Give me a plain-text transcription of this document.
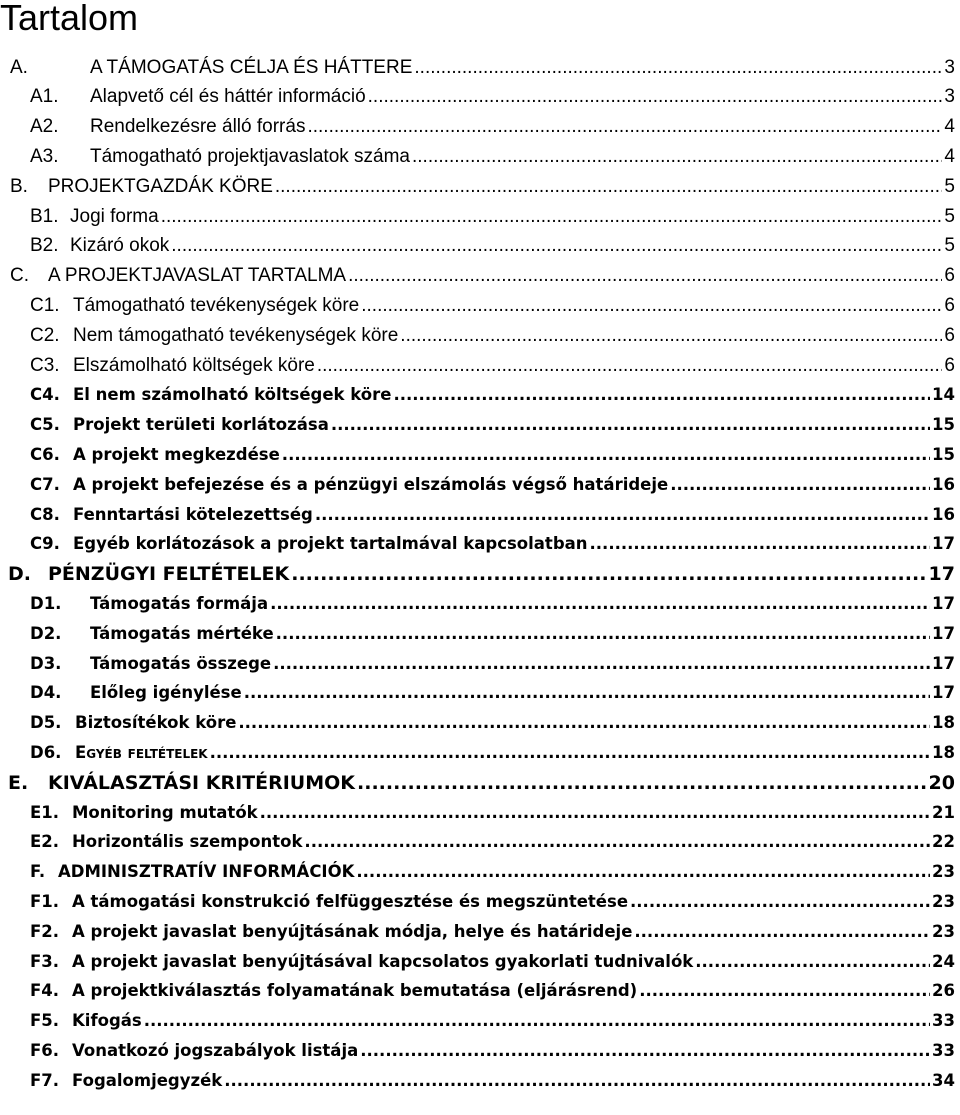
Tartalom
A.	A TÁMOGATÁS CÉLJA ÉS HÁTTERE .....	3
A1.	Alapvető cél és háttér információ .....	3
A2.	Rendelkezésre álló forrás .....	4
A3.	Támogatható projektjavaslatok száma .....	4
B.	PROJEKTGAZDÁK KÖRE .....	5
B1. Jogi forma .....	5
B2. Kizáró okok .....	5
C.	A PROJEKTJAVASLAT TARTALMA .....	6
C1. Támogatható tevékenységek köre .....	6
C2. Nem támogatható tevékenységek köre .....	6
C3. Elszámolható költségek köre .....	6
C4. El nem számolható költségek köre .....	14
C5. Projekt területi korlátozása .....	15
C6. A projekt megkezdése .....	15
C7. A projekt befejezése és a pénzügyi elszámolás végső határideje .....	16
C8. Fenntartási kötelezettség .....	16
C9. Egyéb korlátozások a projekt tartalmával kapcsolatban .....	17
D. PÉNZÜGYI FELTÉTELEK .....	17
D1.	Támogatás formája .....	17
D2.	Támogatás mértéke .....	17
D3.	Támogatás összege .....	17
D4.	Előleg igénylése .....	17
D5. Biztosítékok köre .....	18
D6. Egyéb feltételek .....	18
E.	KIVÁLASZTÁSI KRITÉRIUMOK .....	20
E1. Monitoring mutatók .....	21
E2. Horizontális szempontok .....	22
F. ADMINISZTRATÍV INFORMÁCIÓK .....	23
F1. A támogatási konstrukció felfüggesztése és megszüntetése .....	23
F2. A projekt javaslat benyújtásának módja, helye és határideje .....	23
F3. A projekt javaslat benyújtásával kapcsolatos gyakorlati tudnivalók .....	24
F4. A projektkiválasztás folyamatának bemutatása (eljárásrend) .....	26
F5. Kifogás .....	33
F6. Vonatkozó jogszabályok listája .....	33
F7. Fogalomjegyzék .....	34
